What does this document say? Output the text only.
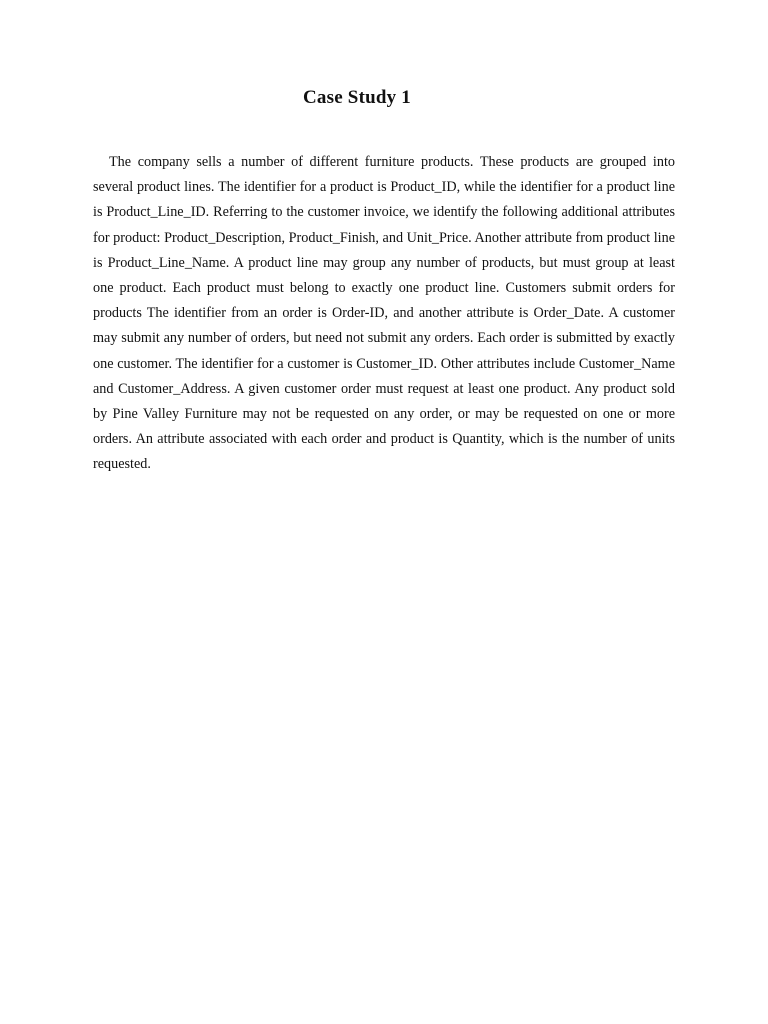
Case Study 1

The company sells a number of different furniture products. These products are grouped into several product lines. The identifier for a product is Product_ID, while the identifier for a product line is Product_Line_ID. Referring to the customer invoice, we identify the following additional attributes for product: Product_Description, Product_Finish, and Unit_Price. Another attribute from product line is Product_Line_Name. A product line may group any number of products, but must group at least one product. Each product must belong to exactly one product line. Customers submit orders for products The identifier from an order is Order-ID, and another attribute is Order_Date. A customer may submit any number of orders, but need not submit any orders. Each order is submitted by exactly one customer. The identifier for a customer is Customer_ID. Other attributes include Customer_Name and Customer_Address. A given customer order must request at least one product. Any product sold by Pine Valley Furniture may not be requested on any order, or may be requested on one or more orders. An attribute associated with each order and product is Quantity, which is the number of units requested.
